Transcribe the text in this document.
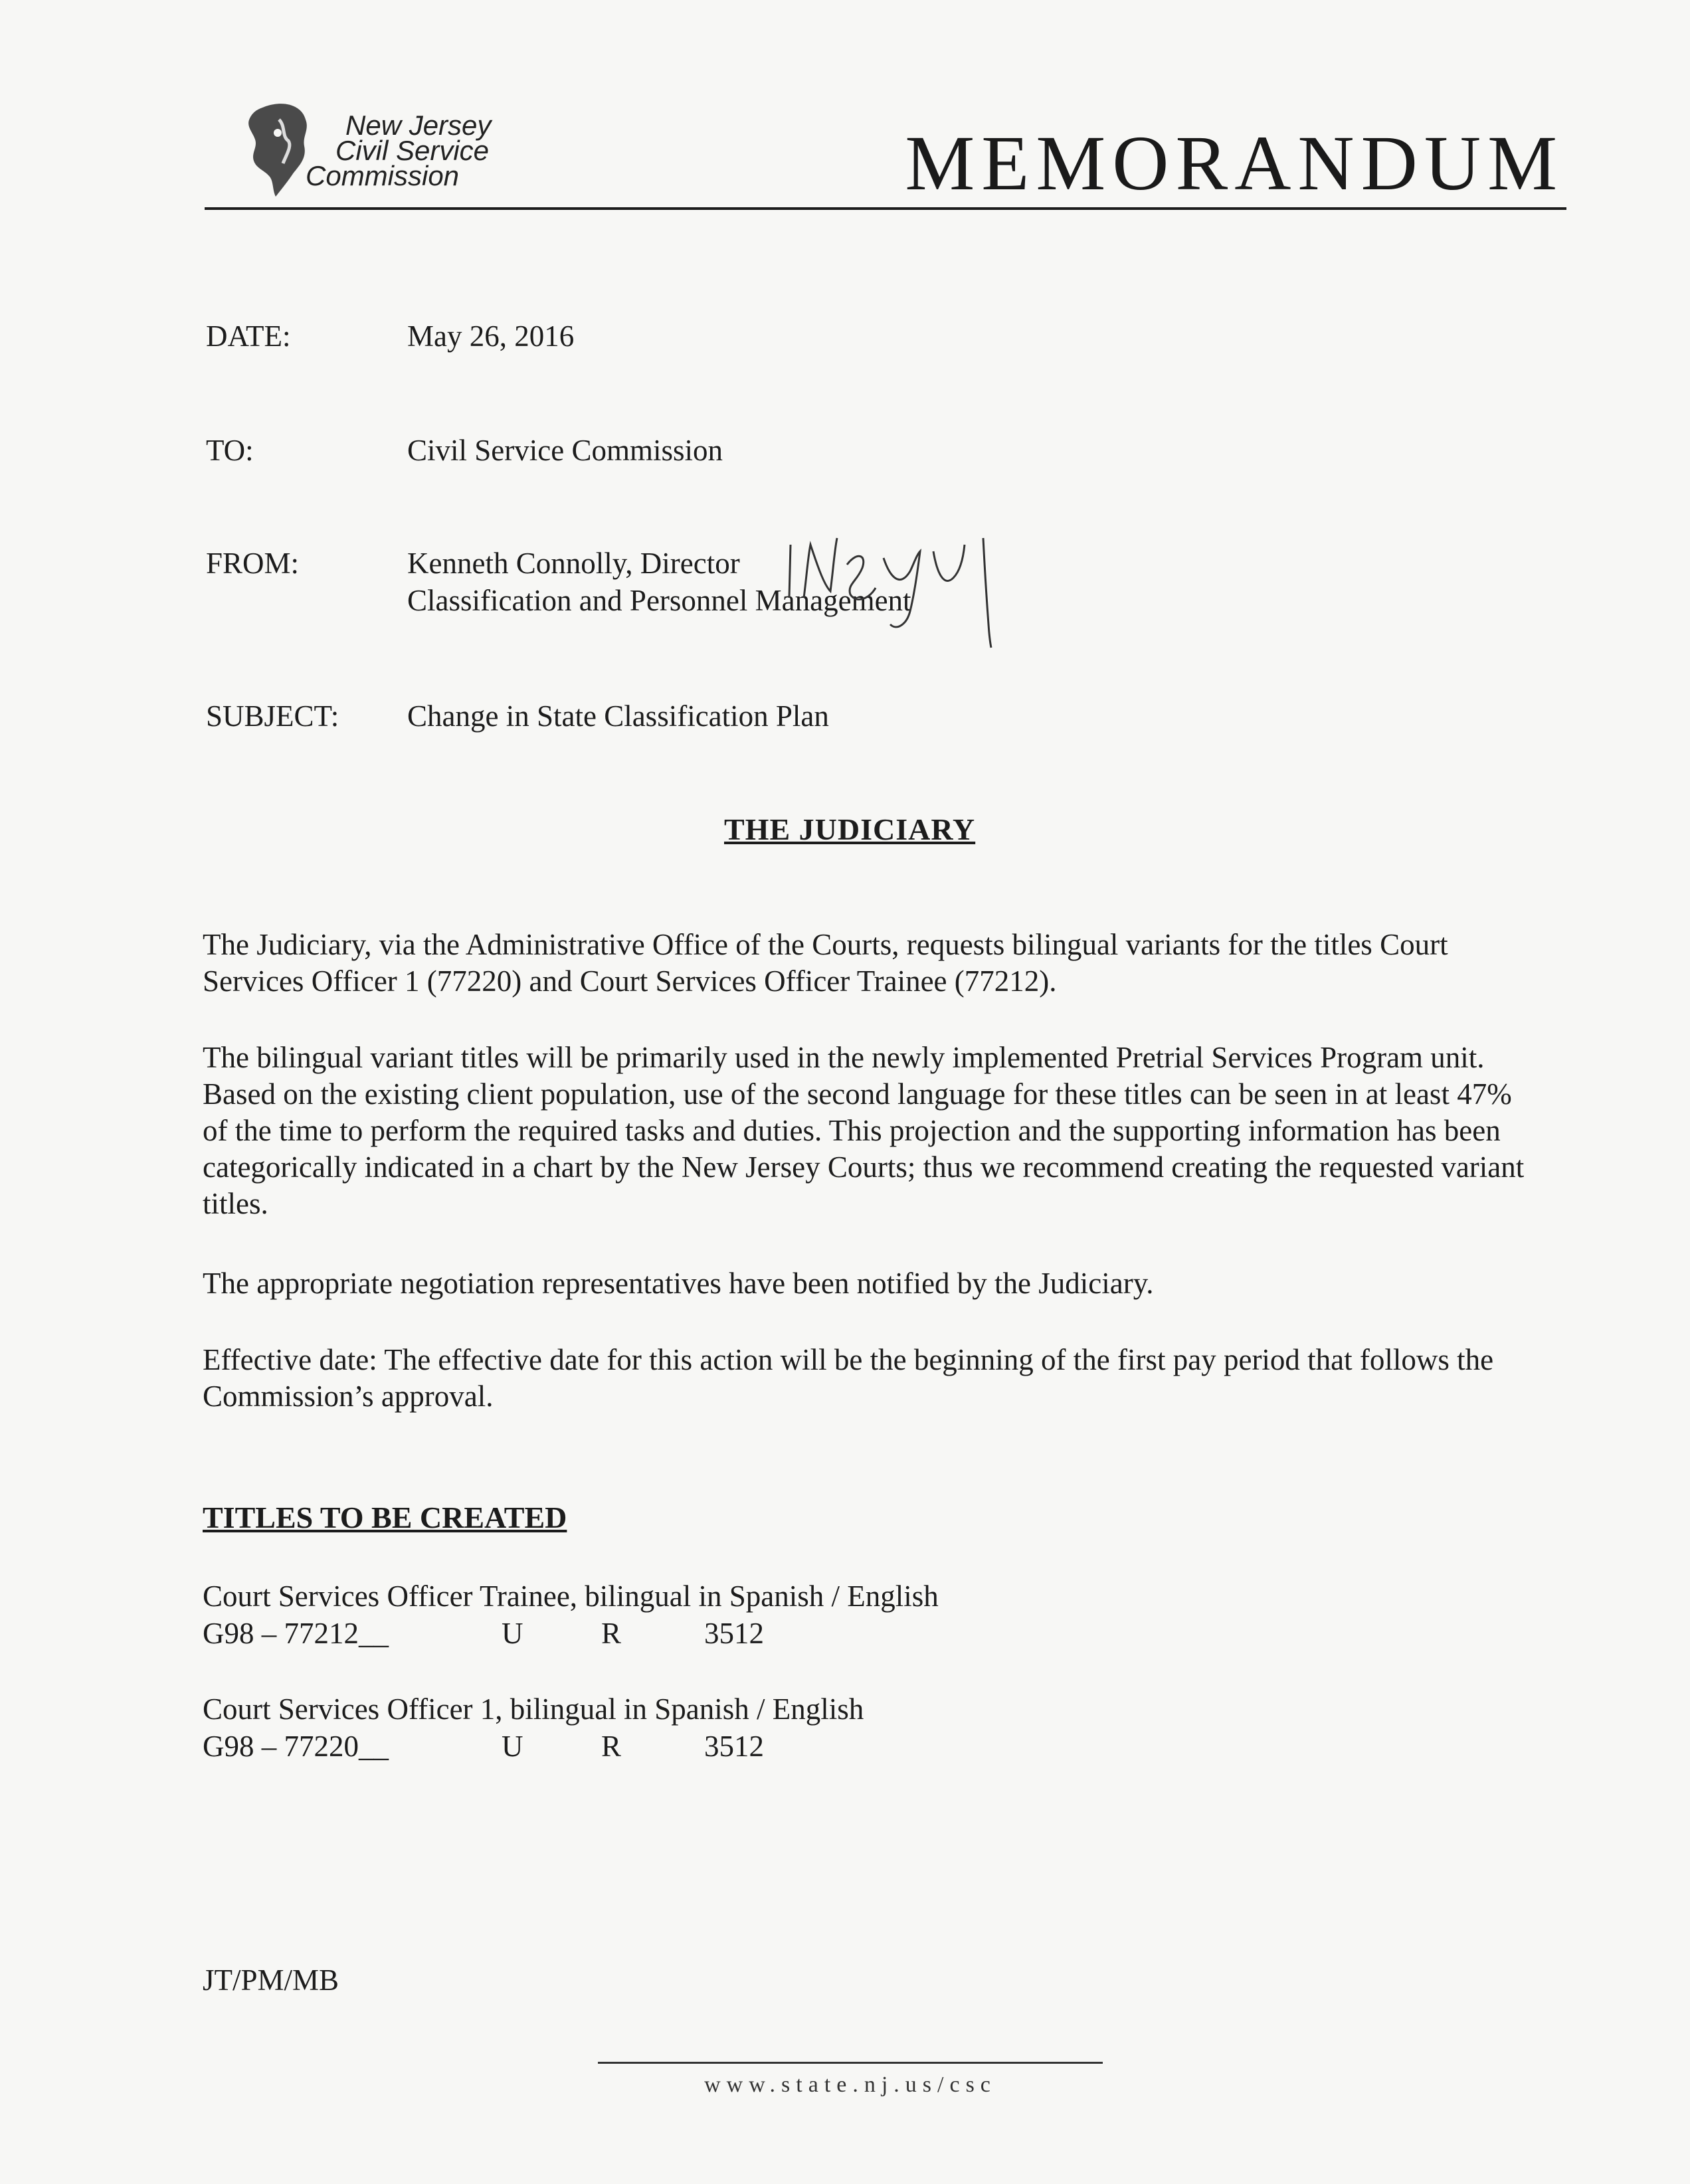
New Jersey
Civil Service
Commission	MEMORANDUM
DATE:	May 26, 2016
TO:	Civil Service Commission
FROM:	Kenneth Connolly, Director
Classification and Personnel Management
SUBJECT: Change in State Classification Plan
THE JUDICIARY

The Judiciary, via the Administrative Office of the Courts, requests bilingual variants for the titles Court Services Officer 1 (77220) and Court Services Officer Trainee (77212).

The bilingual variant titles will be primarily used in the newly implemented Pretrial Services Program unit. Based on the existing client population, use of the second language for these titles can be seen in at least 47% of the time to perform the required tasks and duties. This projection and the supporting information has been categorically indicated in a chart by the New Jersey Courts; thus we recommend creating the requested variant titles.

The appropriate negotiation representatives have been notified by the Judiciary.

Effective date: The effective date for this action will be the beginning of the first pay period that follows the Commission’s approval.

TITLES TO BE CREATED
Court Services Officer Trainee, bilingual in Spanish / English
G98 – 77212__	U	R	3512
Court Services Officer 1, bilingual in Spanish / English
G98 – 77220__	U	R	3512
JT/PM/MB
www.state.nj.us/csc
